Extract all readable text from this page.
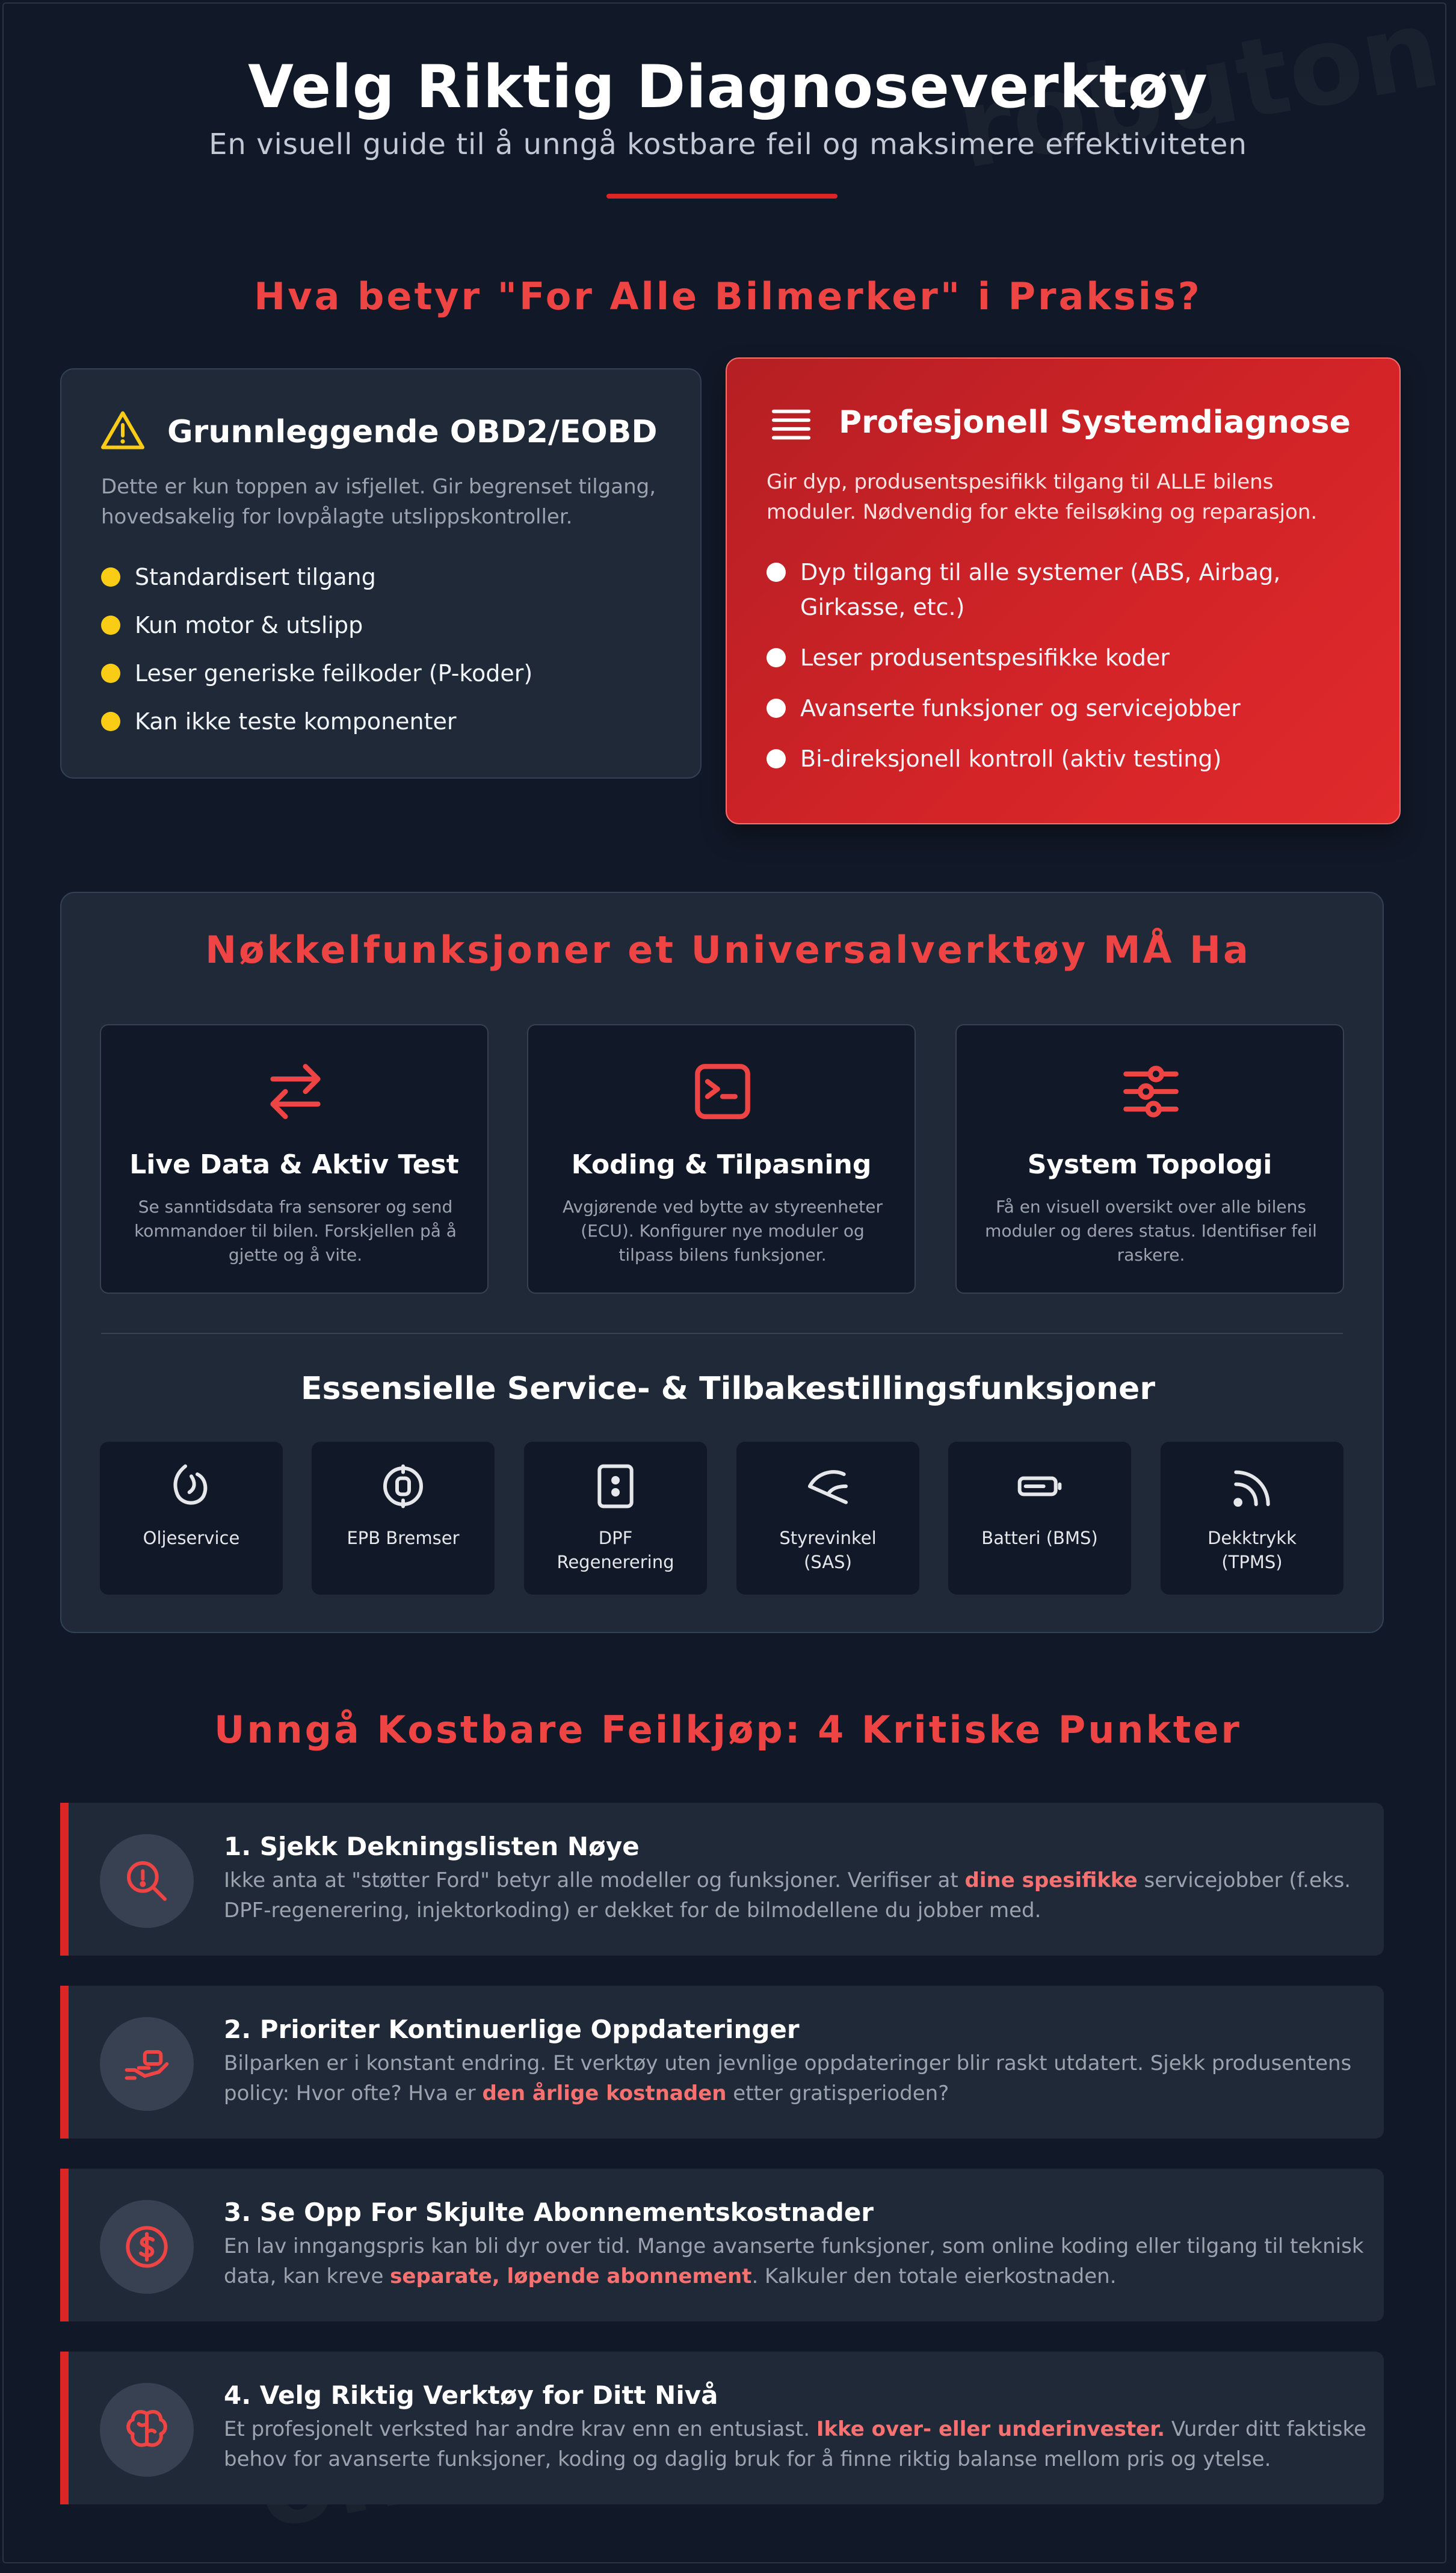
Velg Riktig Diagnoseverktøy
En visuell guide til å unngå kostbare feil og maksimere effektiviteten
Hva betyr "For Alle Bilmerker" i Praksis?
Grunnleggende OBD2/EOBD
Dette er kun toppen av isfjellet. Gir begrenset tilgang, hovedsakelig for lovpålagte utslippskontroller.
Standardisert tilgang
Kun motor & utslipp
Leser generiske feilkoder (P-koder)
Kan ikke teste komponenter
Profesjonell Systemdiagnose
Gir dyp, produsentspesifikk tilgang til ALLE bilens moduler. Nødvendig for ekte feilsøking og reparasjon.
Dyp tilgang til alle systemer (ABS, Airbag, Girkasse, etc.)
Leser produsentspesifikke koder
Avanserte funksjoner og servicejobber
Bi-direksjonell kontroll (aktiv testing)
Nøkkelfunksjoner et Universalverktøy MÅ Ha
Live Data & Aktiv Test
Se sanntidsdata fra sensorer og send kommandoer til bilen. Forskjellen på å gjette og å vite.
Koding & Tilpasning
Avgjørende ved bytte av styreenheter (ECU). Konfigurer nye moduler og tilpass bilens funksjoner.
System Topologi
Få en visuell oversikt over alle bilens moduler og deres status. Identifiser feil raskere.
Essensielle Service- & Tilbakestillingsfunksjoner
Oljeservice	EPB Bremser	DPF
Regenerering
Styrevinkel
(SAS)
Batteri (BMS)	Dekktrykk
(TPMS)
Unngå Kostbare Feilkjøp: 4 Kritiske Punkter
1. Sjekk Dekningslisten Nøye
Ikke anta at "støtter Ford" betyr alle modeller og funksjoner. Verifiser at dine spesifikke servicejobber (f.eks. DPF-regenerering, injektorkoding) er dekket for de bilmodellene du jobber med.
2. Prioriter Kontinuerlige Oppdateringer
Bilparken er i konstant endring. Et verktøy uten jevnlige oppdateringer blir raskt utdatert. Sjekk produsentens policy: Hvor ofte? Hva er den årlige kostnaden etter gratisperioden?
3. Se Opp For Skjulte Abonnementskostnader
En lav inngangspris kan bli dyr over tid. Mange avanserte funksjoner, som online koding eller tilgang til teknisk data, kan kreve separate, løpende abonnement. Kalkuler den totale eierkostnaden.
4. Velg Riktig Verktøy for Ditt Nivå
Et profesjonelt verksted har andre krav enn en entusiast. Ikke over- eller underinvester. Vurder ditt faktiske behov for avanserte funksjoner, koding og daglig bruk for å finne riktig balanse mellom pris og ytelse.
